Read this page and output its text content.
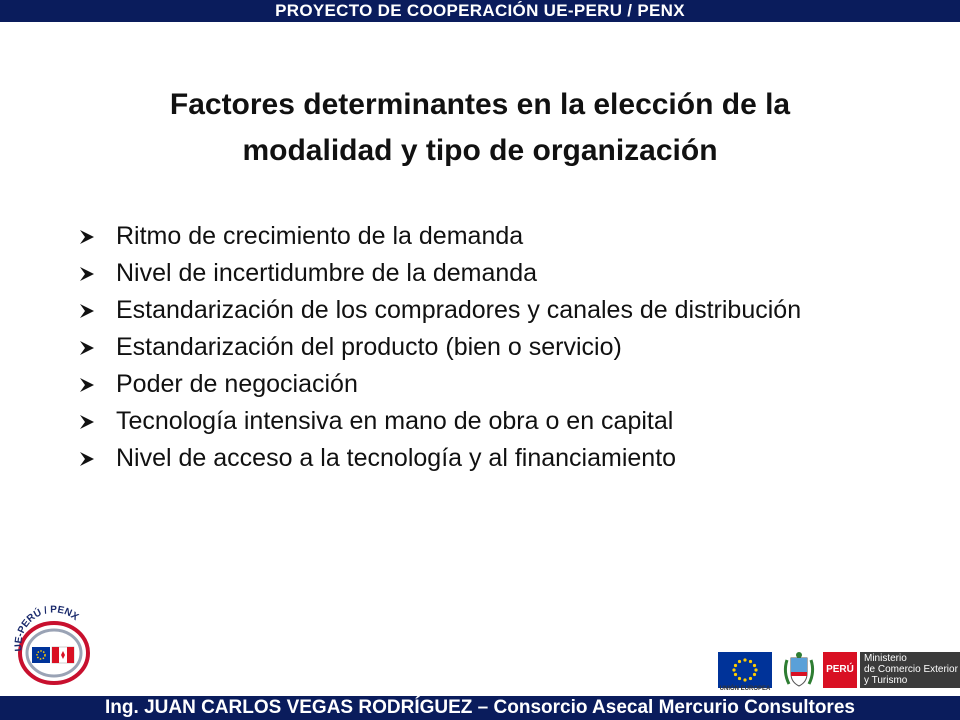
PROYECTO DE COOPERACIÓN UE-PERU / PENX
Factores determinantes en la elección de la
modalidad y tipo de organización
Ritmo de crecimiento de la demanda
Nivel de incertidumbre de la demanda
Estandarización de los compradores y canales de distribución
Estandarización del producto (bien o servicio)
Poder de negociación
Tecnología intensiva en mano de obra o en capital
Nivel de acceso a la tecnología y al financiamiento
UE-PERÚ / PENX
UNIÓN EUROPEA
PERÚ
Ministerio
de Comercio Exterior
y Turismo
Ing. JUAN CARLOS VEGAS RODRÍGUEZ – Consorcio Asecal Mercurio Consultores
